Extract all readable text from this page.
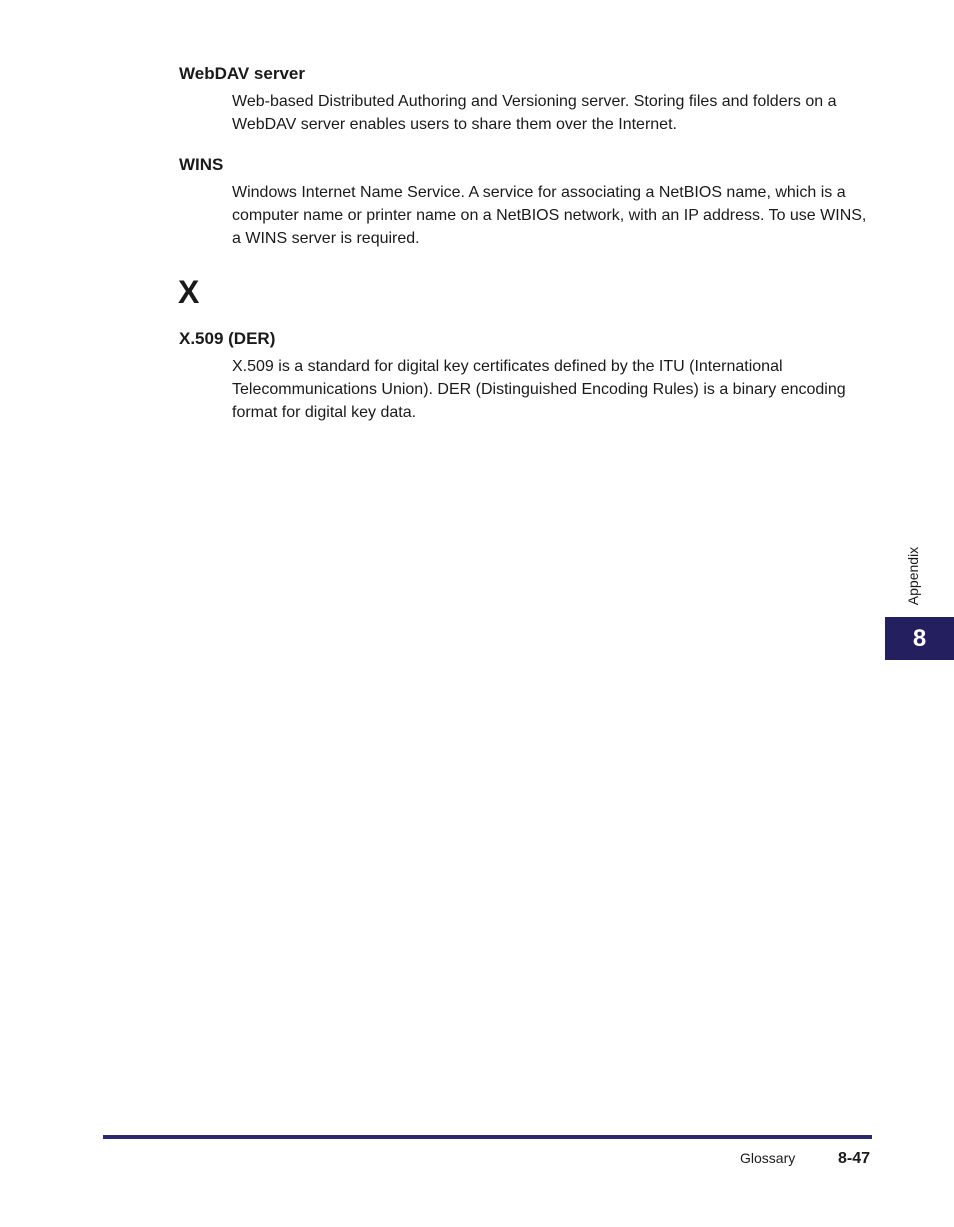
WebDAV server

Web-based Distributed Authoring and Versioning server. Storing files and folders on a WebDAV server enables users to share them over the Internet.

WINS

Windows Internet Name Service. A service for associating a NetBIOS name, which is a computer name or printer name on a NetBIOS network, with an IP address. To use WINS, a WINS server is required.

X
X.509 (DER)

X.509 is a standard for digital key certificates defined by the ITU (International Telecommunications Union). DER (Distinguished Encoding Rules) is a binary encoding format for digital key data.

Appendix
8
Glossary	8-47
